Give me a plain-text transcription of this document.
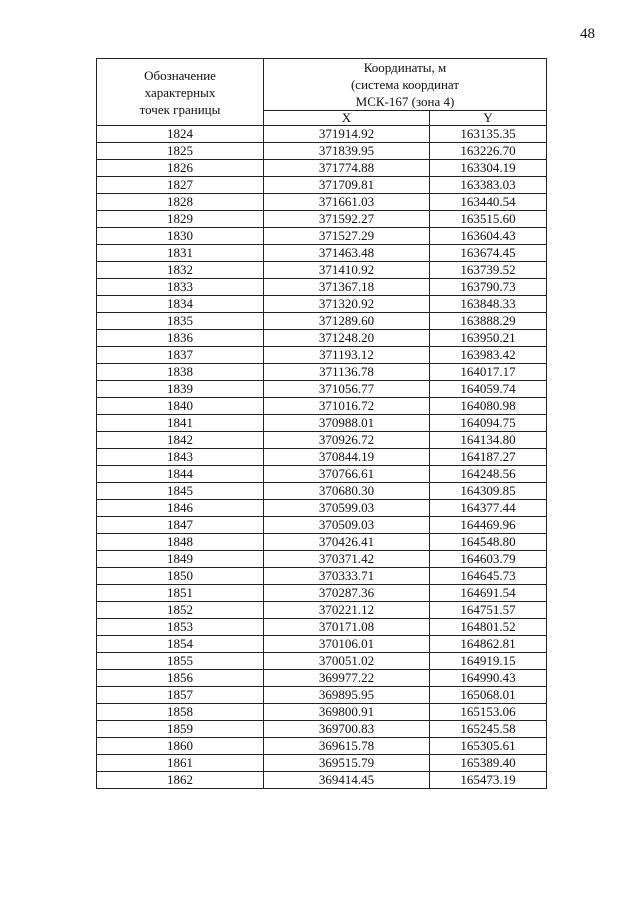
48
Обозначение
характерных
точек границы	Координаты, м
(система координат
МСК-167 (зона 4)	

	X	Y
1824	371914.92	163135.35
1825	371839.95	163226.70
1826	371774.88	163304.19
1827	371709.81	163383.03
1828	371661.03	163440.54
1829	371592.27	163515.60
1830	371527.29	163604.43
1831	371463.48	163674.45
1832	371410.92	163739.52
1833	371367.18	163790.73
1834	371320.92	163848.33
1835	371289.60	163888.29
1836	371248.20	163950.21
1837	371193.12	163983.42
1838	371136.78	164017.17
1839	371056.77	164059.74
1840	371016.72	164080.98
1841	370988.01	164094.75
1842	370926.72	164134.80
1843	370844.19	164187.27
1844	370766.61	164248.56
1845	370680.30	164309.85
1846	370599.03	164377.44
1847	370509.03	164469.96
1848	370426.41	164548.80
1849	370371.42	164603.79
1850	370333.71	164645.73
1851	370287.36	164691.54
1852	370221.12	164751.57
1853	370171.08	164801.52
1854	370106.01	164862.81
1855	370051.02	164919.15
1856	369977.22	164990.43
1857	369895.95	165068.01
1858	369800.91	165153.06
1859	369700.83	165245.58
1860	369615.78	165305.61
1861	369515.79	165389.40
1862	369414.45	165473.19
